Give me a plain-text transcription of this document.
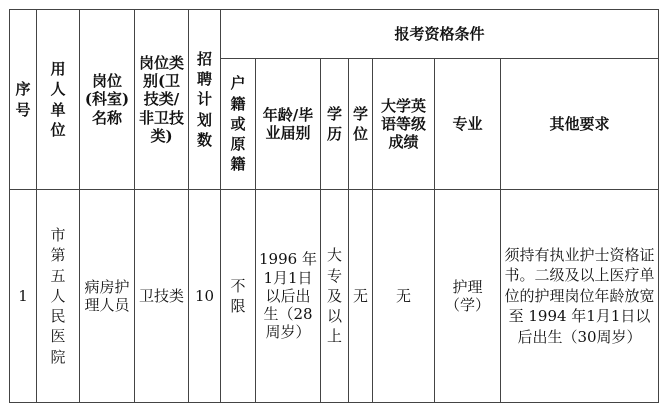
序号	用人单位	岗位(科室)名称	岗位类别(卫技类/非卫技类)	招聘计划数	报考资格条件						

					户籍或原籍	年龄/毕业届别	学历	学位	大学英语等级成绩	专业	其他要求
1	市第五人民医院	病房护理人员	卫技类	10	不限	1996 年 1月1日以后出生（28周岁）	大专及以上	无	无	护理（学）	须持有执业护士资格证书。二级及以上医疗单位的护理岗位年龄放宽至 1994 年1月1日以后出生（30周岁）
